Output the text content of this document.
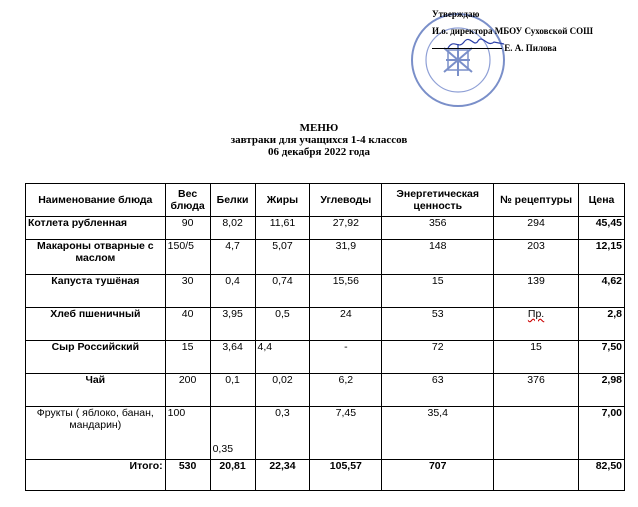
Утверждаю
И.о. директора МБОУ Суховской СОШ

Е. А. Пилова
МЕНЮ
завтраки для учащихся 1-4 классов
06 декабря 2022 года
Наименование блюда	Вес блюда	Белки	Жиры	Углеводы	Энергетическая ценность	№ рецептуры	Цена
Котлета рубленная	90	8,02	11,61	27,92	356	294	45,45
Макароны отварные с маслом	150/5	4,7	5,07	31,9	148	203	12,15
Капуста тушёная	30	0,4	0,74	15,56	15	139	4,62
Хлеб пшеничный	40	3,95	0,5	24	53	Пр.	2,8
Сыр Российский	15	3,64	4,4	-	72	15	7,50
Чай	200	0,1	0,02	6,2	63	376	2,98
Фрукты ( яблоко, банан, мандарин)	100	0,35	0,3	7,45	35,4		7,00
Итого:	530	20,81	22,34	105,57	707		82,50
